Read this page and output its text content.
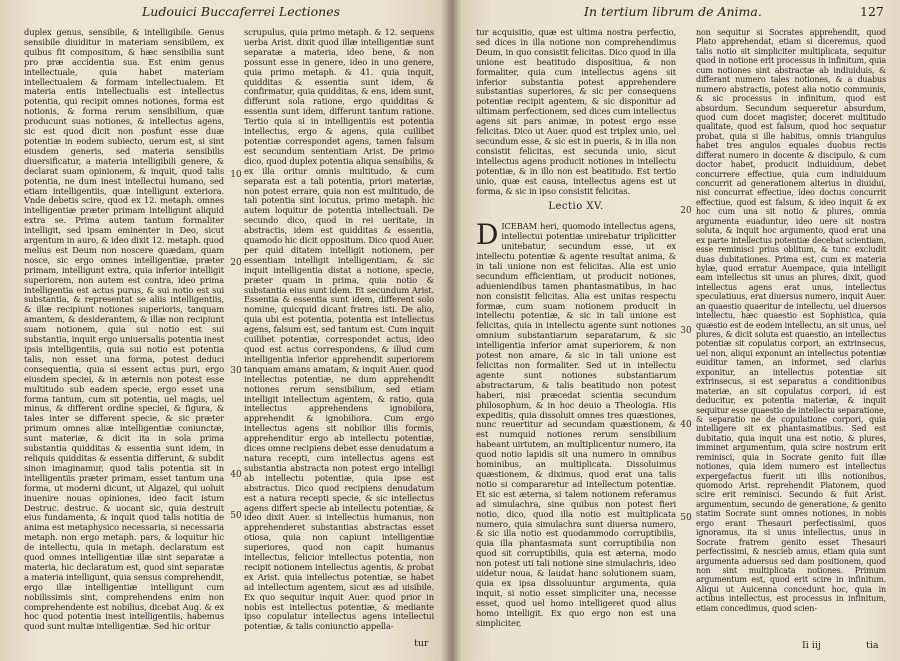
Ludouici Buccaferrei Lectiones

duplex genus, sensibile, & intelligibile. Genus sensibile diuiditur in materiam sensibilem, ex quibus fit compositum, & hæc sensibilia sunt pro præ accidentia sua. Est enim genus intellectuale, quia habet materiam intellectualem & formam intellectualem. Et materia entis intellectualis est intellectus potentia, qui recipit omnes notiones, forma est notionis, & forma rerum sensibilium, quæ producunt suas notiones, & intellectus agens, sic est quod dicit non posfunt esse duæ potentiæ in eodem subiecto, uerum est, si sint eiusdem generis, sed materia sensibilis diuersificatur, a materia intelligibili genere, & declarat suam opinionem, & inquit, quod talis potentia, ne dum inest intellectui humano, sed etiam intelligentiis, quæ intelligunt exteriora. Vnde debetis scire, quod ex 12. metaph. omnes intelligentiæ præter primam intelligunt aliquid extra se. Prima autem tantum formaliter intelligit, sed ipsam eminenter in Deo, sicut argentum in auro, & ideo dixit 12. metaph. quod melius est Deum non noscere quædam, quam nosce, sic ergo omnes intelligentiæ, præter primam, intelligunt extra, quia inferior intelligit superiorem, non autem est contra, ideo prima intelligentia est actus purus, & sui notio est sui substantia, & representat se aliis intelligentiis, & illæ recipiunt notiones superioris, tanquam amantem, & desiderantem, & illæ non recipiunt suam notionem, quia sui notio est sui substantia, inquit ergo uniuersalis potentia inest ipsis intelligentiis, quia sui notio est potentia talis, non esset una forma, potest deduci consequentia, quia si essent actus puri, ergo eiusdem speciei, & in æternis non potest esse multitudo sub eadem specie, ergo esset una forma tantum, cum sit potentia, uel magis, uel minus, & different ordine speciei, & figura, & tales inter se different specie, & sic præter primum omnes aliæ intelligentiæ coniunctæ, sunt materiæ, & dicit ita in sola prima substantia quidditas & essentia sunt idem, in reliquis quidditas & essentia differunt, & subdit sinon imaginamur, quod talis potentia sit in intelligentiis præter primam, esset tantum una forma, ut moderni dicunt, ut Algazel, qui uoluit inuenire nouas opiniones, ideo facit istum Destruc. destruc. & uocant sic, quia destruit eius fundamenta, & inquit quod talis notitia de anima est metaphysico necessaria, si necessaria metaph. non ergo metaph. pars, & loquitur hic de intellectu, quia in metaph. declaratum est quod omnes intelligentiæ illæ sint separatæ a materia, hic declaratum est, quod sint separatæ a materia intelligunt, quia sensus comprehendit, ergo illæ intelligentiæ intelligunt cum nobilissimis sint, comprehendens enim non comprehendente est nobilius, dicebat Aug. & ex hoc quod potentia inest intelligentiis, habemus quod sunt multæ intelligentiæ. Sed hic oritur

10
20
30
40
50

scrupulus, quia primo metaph. & 12. sequens uerba Arist. dixit quod illæ intelligentiæ sunt separatæ a materia, ideo bene, & non possunt esse in genere, ideo in uno genere, quia primo metaph. & 41. quia inquit, quidditas & essentia sunt idem, & confirmatur, quia quidditas, & ens, idem sunt, differunt sola ratione, ergo quidditas & essentia sunt idem, differunt tantum ratione. Tertio quia si in intelligentiis est potentia intellectus, ergo & agens, quia cuilibet potentiæ correspondet agens, tamen falsum est secundum sententiam Arist. De primo dico, quod duplex potentia aliqua sensibilis, & ex illa oritur omnis multitudo, & cum separata est a tali potentia, priori materiæ, non potest errare, quia non est multitudo, de tali potentia sint locutus, primo metaph. hic autem loquitur de potentia intellectuali. De secundo dico, quod in rei ueritate, in abstractis, idem est quidditas & essentia, quamodo hic dicit oppositum. Dico quod Auer. per quid ditatem intelligit notionem, per essentiam intelligit intelligentiam, & sic inquit intelligentia distat a notione, specie, præter quam in prima, quia notio & substantia eius sunt idem. Et secundum Arist. Essentia & essentia sunt idem, different solo nomine, quicquid dicant fratres isti. De alio, quia ubi est potentia, potentia est intellectus agens, falsum est, sed tantum est. Cum inquit cuilibet potentiæ, correspondet actus, ideo quod est actus correspondens, & illud cum intelligentia inferior apprehendit superiorem tanquam amans amatam, & inquit Auer. quod intellectus potentiæ, ne dum apprehendit notiones rerum sensibilium, sed etiam intelligit intellectum agentem, & ratio, quia intellectus apprehendens ignobilora, apprehendit & ignobiliora. Cum ergo intellectus agens sit nobilior illis formis, apprehenditur ergo ab intellectu potentiæ, dices omne recipiens debet esse denudatum a natura recepti, cum intellectus agens est substantia abstracta non potest ergo intelligi ab intellectu potentiæ, quia ipse est abstractus. Dico quod recipiens denudatum est a natura recepti specie, & sic intellectus agens differt specie ab intellectu potentiæ, & ideo dixit Auer. si intellectus humanus, non apprehenderet substantias abstractas esset otiosa, quia non capiunt intelligentiæ superiores, quod non capit humanus intellectus, felicior intellectus potentia, non recipit notionem intellectus agentis, & probat ex Arist. quia intellectus potentiæ, se habet ad intellectum agentem, sicut æs ad uisibile. Ex quo sequitur inquit Auer. quod prior in nobis est intellectus potentiæ, & mediante ipso copulatur intellectus agens intellectui potentiæ, & talis coniunctio appella-

tur
In tertium librum de Anima.	127

tur acquisitio, quæ est ultima nostra perfectio, sed dices in illa notione non comprehendimus Deum, in quo consistit felicitas. Dico quod in illa unione est beatitudo dispositiua, & non formaliter, quia cum intellectus agens sit inferior substantia potest apprehendere substantias superiores, & sic per consequens potentiæ recipit agentem, & sic disponitur ad ultimam perfectionem, sed dices cum intellectus agens sit pars animæ, in potest ergo esse felicitas. Dico ut Auer. quod est triplex unio, uel secundum esse, & sic est in pueris, & in illa non consistit felicitas, est secunda unio, sicut intellectus agens producit notiones in intellectu potentiæ, & in illo non est beatitudo. Est tertio unio, quæ est causa, intellectus agens est ut forma, & sic in ipso consistit felicitas.

Lectio XV.

DICEBAM heri, quomodo intellectus agens, intellectui potentiæ unirebatur triplicitter unitebatur, secundum esse, ut ex intellectu potentiæ & agente resultat anima, & in tali unione non est felicitas. Alia est unio secundum efficientiam, ut producit notiones, adueniendibus tamen phantasmatibus, in hac non consistit felicitas. Alia est unitas respectu formæ, cum suam notionem producit in intellectu potentiæ, & sic in tali unione est felicitas, quia in intellectu agente sunt notiones omnium substantiarum separatarum, & sic intelligentia inferior amat superiorem, & non potest non amare, & sic in tali unione est felicitas non formaliter. Sed ut in intellectu agente sunt notiones substantiarum abstractarum, & talis beatitudo non potest haberi, nisi præcedat scientia secundum philosophum, & in hoc deuio a Theologia. His expeditis, quia dissoluit omnes tres quæstiones, nunc reuertitur ad secundam quæstionem, & est numquid notiones rerum sensibilium habeant uirtutem, an multiplicentur numero, ita quod notio lapidis sit una numero in omnibus hominibus, an multiplicata. Dissoluimus quæstionem, & diximus, quod erat una talis notio si compararetur ad intellectum potentiæ. Et sic est æterna, si talem notionem referamus ad simulachra, sine quibus non potest fieri notio, dico, quod illa notio est multiplicata numero, quia simulachra sunt diuersa numero, & sic illa notio est quodammodo corruptibilis, quia illa phantasmata sunt corruptibilia non quod sit corruptibilis, quia est æterna, modo non potest uti tali notione sine simulachris, ideo uidetur noua, & laudat hanc solutionem suam, quia ex ipsa dissoluuntur argumenta, quia inquit, si notio esset simpliciter una, necesse esset, quod uel homo intelligeret quod alius homo intelligit. Ex quo ergo non est una simpliciter,

20
30
40
50

non sequitur si Socrates apprehendit, quod Plato apprehendat, etiam si diceremus, quod talis notio sit simpliciter multiplicata, sequitur quod in notione erit processus in infinitum, quia cum notiones sint abstractæ ab indiuiduis, & differant numero tales notiones, & a duabus numero abstractis, potest alia notio communis, & sic processus in infinitum, quod est absurdum. Secundum sequeretur absurdum, quod cum docet magister, doceret multitudo qualitate, quod est falsum, quod hoc sequatur probat, quia si ille habitus, omnis triangulus habet tres angulos equales duobus rectis differat numero in docente & discipulo, & cum doctor habet, producit indiuiduum, debet concurrere effectiue, quia cum indiuiduum concurrit ad generationem alterius in diuidui, nisi concurrat effectiue, ideo doctus concurrit effectiue, quod est falsum, & ideo inquit & ex hoc cum una sit notio & plures, omnia argumenta euaduntur, ideo uere sit nostra soluta, & inquit hoc argumento, quod erat una ex parte intellectus potentiæ decebat scientiam, esse reminisci prius oblitum, & tunc excludit duas dubitationes. Prima est, cum ex materia hylæ, quod erratur Auempace, quia intelligit eam intellectus sit unus an plures, dixit, quod intellectus agens erat unus, intellectus speculatiuus, erat diuersus numero, inquit Auer. an quaestio quaeritur de intellectu, uel diuersos intellectu, hæc quaestio est Sophistica, quia quæstio est de eodem intellectu, an sit unus, uel plures, & dicit soluta est quaestio, an intellectus potentiæ sit copulatus corpori, an extrinsecus, uel non, aliqui exponunt an intellectus potentiæ euiditur tamen, an informet, sed clarius exponitur, an intellectus potentiæ sit extrinsecus, si est separatus a conditionibus materiæ, an sit copulatus corpori, id est deducitur, ex potentia materiæ, & inquit sequitur esse quaestio de intellectu separatione, & separatio ne de copulatione corpori, quia intelligere sit ex phantasmatibus. Sed est dubitatio, quia inquit una est notio, & plures, imminet argumentum, quia scire nostrum erit reminisci, quia in Socrate genito fuit illæ notiones, quia idem numero est intellectus expergefactus fuerit uti illis notionibus, quomodo Arist. reprehendit Platonem, quod scire erit reminisci. Secundo & fuit Arist. argumentum, secundo de generatione, & genito statim Socrate sunt omnes notiones, in nobis ergo erant Thesauri perfectissimi, quos ignoramus, ita si unus intellectus, unus in Socrate fratrem genito esset Thesauri perfectissimi, & nescieb amus, etiam quia sunt argumenta aduersus sed dam positionem, quod non sint multiplicata notiones. Primum argumentum est, quod erit scire in infinitum. Aliqui ut Auicenna concedunt hoc, quia in actibus intellectus, est processus in infinitum, etiam concedimus, quod scien-

Ii iij	tia
